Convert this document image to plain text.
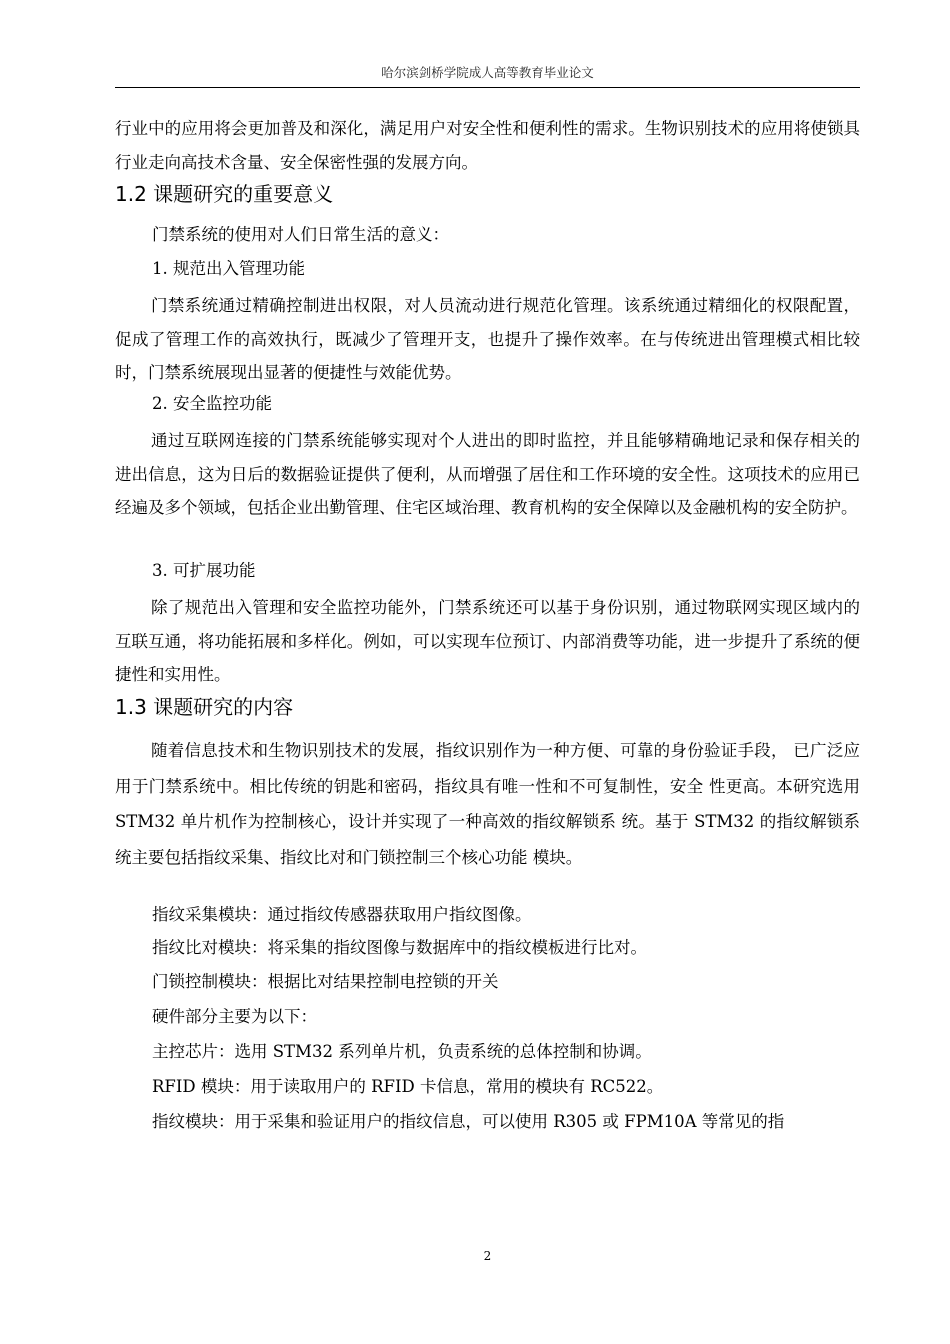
哈尔滨剑桥学院成人高等教育毕业论文

行业中的应用将会更加普及和深化，满足用户对安全性和便利性的需求。生物识别技术的应用将使锁具行业走向高技术含量、安全保密性强的发展方向。

1.2 课题研究的重要意义

门禁系统的使用对人们日常生活的意义：

1. 规范出入管理功能

门禁系统通过精确控制进出权限，对人员流动进行规范化管理。该系统通过精细化的权限配置，促成了管理工作的高效执行，既减少了管理开支，也提升了操作效率。在与传统进出管理模式相比较时，门禁系统展现出显著的便捷性与效能优势。

2. 安全监控功能

通过互联网连接的门禁系统能够实现对个人进出的即时监控，并且能够精确地记录和保存相关的进出信息，这为日后的数据验证提供了便利，从而增强了居住和工作环境的安全性。这项技术的应用已经遍及多个领域，包括企业出勤管理、住宅区域治理、教育机构的安全保障以及金融机构的安全防护。

3. 可扩展功能

除了规范出入管理和安全监控功能外，门禁系统还可以基于身份识别，通过物联网实现区域内的互联互通，将功能拓展和多样化。例如，可以实现车位预订、内部消费等功能，进一步提升了系统的便捷性和实用性。

1.3 课题研究的内容

随着信息技术和生物识别技术的发展，指纹识别作为一种方便、可靠的身份验证手段， 已广泛应用于门禁系统中。相比传统的钥匙和密码，指纹具有唯一性和不可复制性，安全 性更高。本研究选用 STM32 单片机作为控制核心，设计并实现了一种高效的指纹解锁系 统。基于 STM32 的指纹解锁系统主要包括指纹采集、指纹比对和门锁控制三个核心功能 模块。

指纹采集模块：通过指纹传感器获取用户指纹图像。

指纹比对模块：将采集的指纹图像与数据库中的指纹模板进行比对。

门锁控制模块：根据比对结果控制电控锁的开关

硬件部分主要为以下：

主控芯片：选用 STM32 系列单片机，负责系统的总体控制和协调。

RFID 模块：用于读取用户的 RFID 卡信息，常用的模块有 RC522。

指纹模块：用于采集和验证用户的指纹信息，可以使用 R305 或 FPM10A 等常见的指

2
